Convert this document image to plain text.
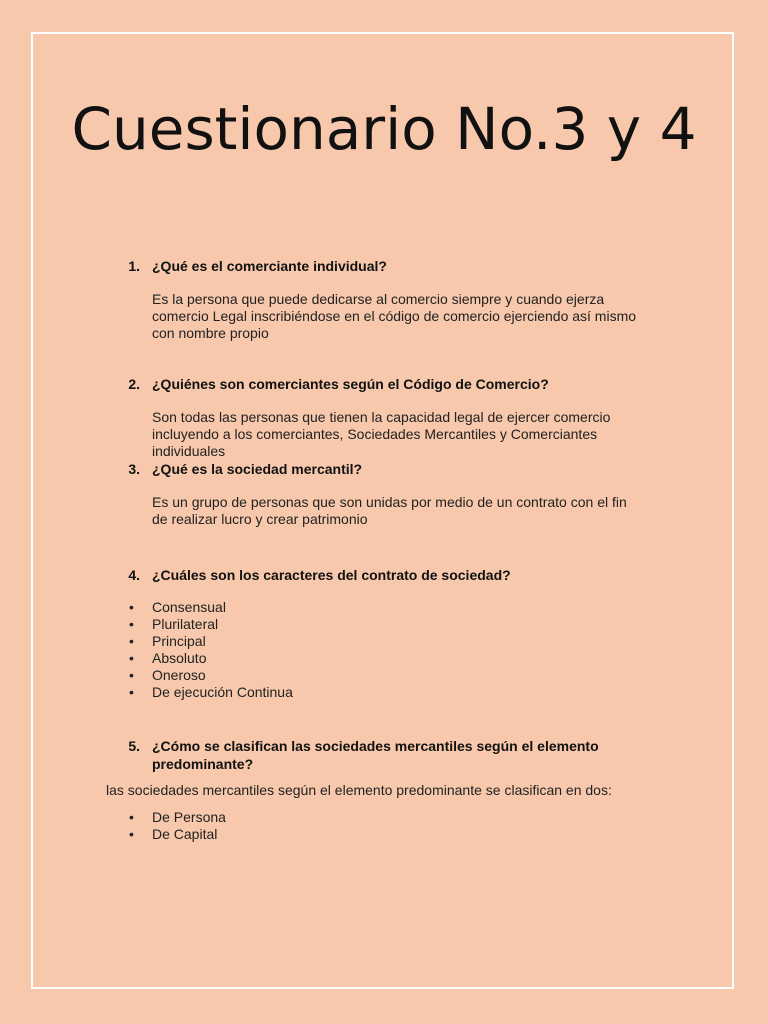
Cuestionario No.3 y 4
1. ¿Qué es el comerciante individual?
Es la persona que puede dedicarse al comercio siempre y cuando ejerza comercio Legal inscribiéndose en el código de comercio ejerciendo así mismo con nombre propio
2. ¿Quiénes son comerciantes según el Código de Comercio?
Son todas las personas que tienen la capacidad legal de ejercer comercio incluyendo a los comerciantes, Sociedades Mercantiles y Comerciantes individuales
3. ¿Qué es la sociedad mercantil?
Es un grupo de personas que son unidas por medio de un contrato con el fin de realizar lucro y crear patrimonio
4. ¿Cuáles son los caracteres del contrato de sociedad?
• Consensual
• Plurilateral
• Principal
• Absoluto
• Oneroso
• De ejecución Continua
5. ¿Cómo se clasifican las sociedades mercantiles según el elemento predominante?
las sociedades mercantiles según el elemento predominante se clasifican en dos:
• De Persona
• De Capital
